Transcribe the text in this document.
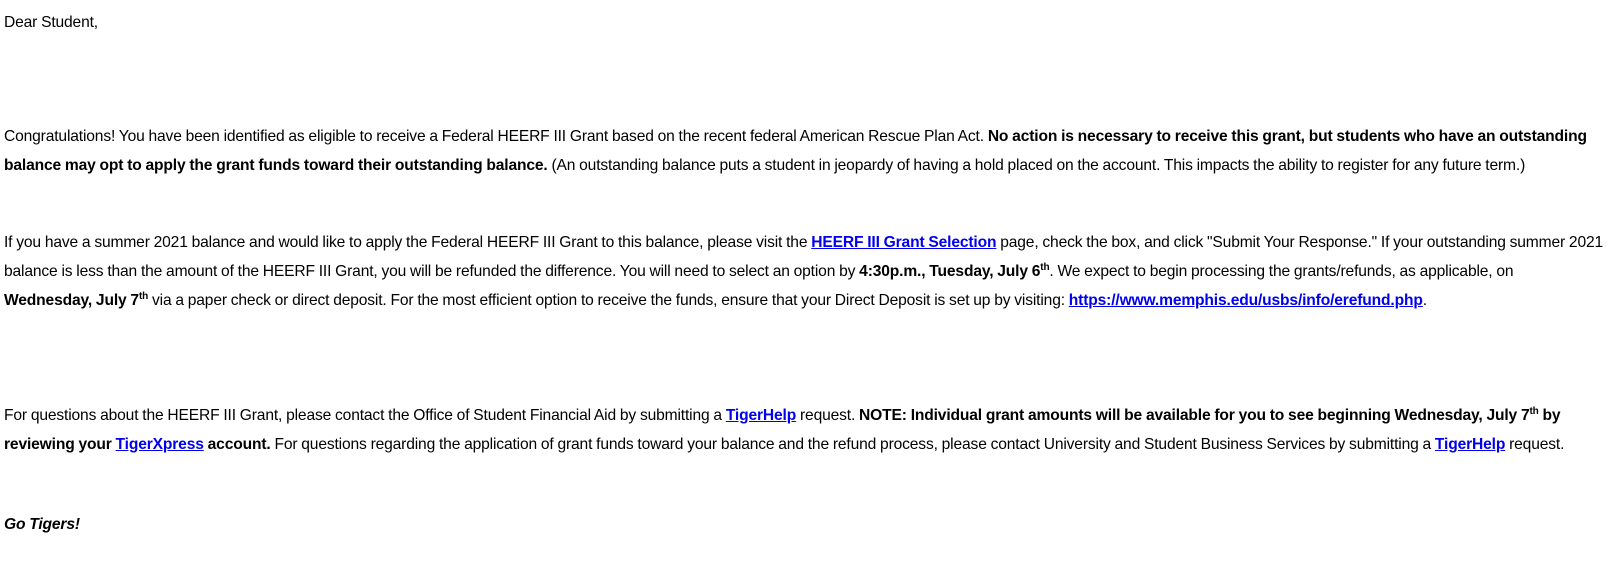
Dear Student,

Congratulations! You have been identified as eligible to receive a Federal HEERF III Grant based on the recent federal American Rescue Plan Act. No action is necessary to receive this grant, but students who have an outstanding balance may opt to apply the grant funds toward their outstanding balance. (An outstanding balance puts a student in jeopardy of having a hold placed on the account. This impacts the ability to register for any future term.)

If you have a summer 2021 balance and would like to apply the Federal HEERF III Grant to this balance, please visit the HEERF III Grant Selection page, check the box, and click "Submit Your Response." If your outstanding summer 2021 balance is less than the amount of the HEERF III Grant, you will be refunded the difference. You will need to select an option by 4:30p.m., Tuesday, July 6th. We expect to begin processing the grants/refunds, as applicable, on Wednesday, July 7th via a paper check or direct deposit. For the most efficient option to receive the funds, ensure that your Direct Deposit is set up by visiting: https://www.memphis.edu/usbs/info/erefund.php.

For questions about the HEERF III Grant, please contact the Office of Student Financial Aid by submitting a TigerHelp request. NOTE: Individual grant amounts will be available for you to see beginning Wednesday, July 7th by reviewing your TigerXpress account. For questions regarding the application of grant funds toward your balance and the refund process, please contact University and Student Business Services by submitting a TigerHelp request.

Go Tigers!
